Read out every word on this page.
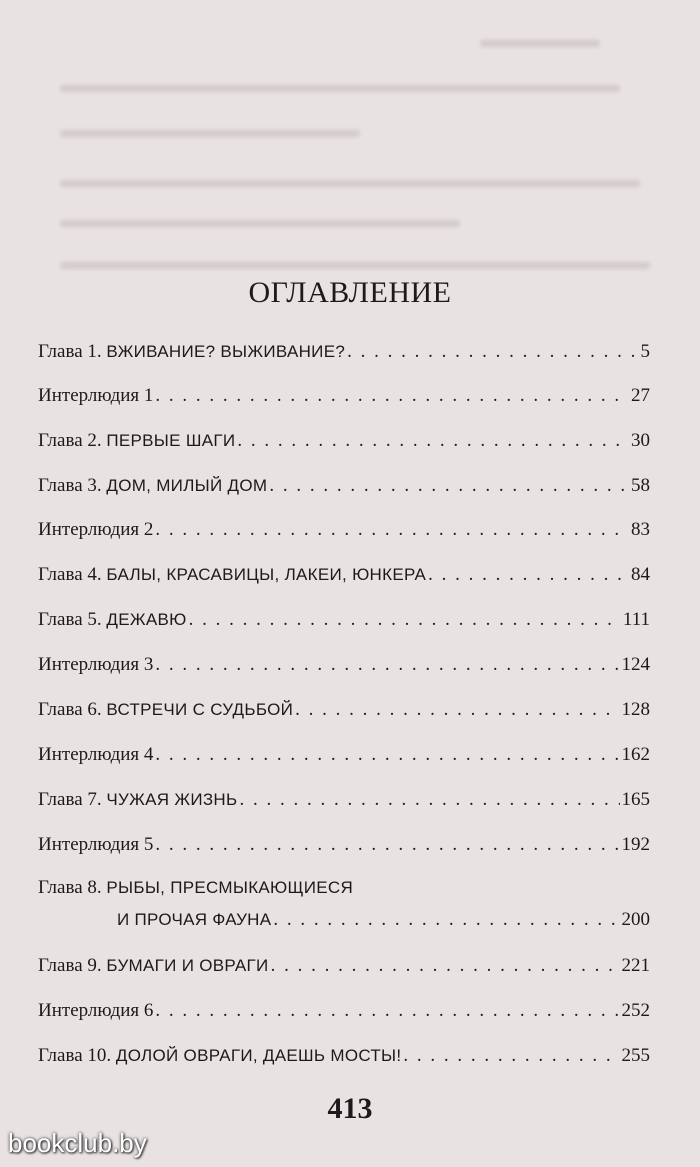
ОГЛАВЛЕНИЕ
Глава 1. ВЖИВАНИЕ? ВЫЖИВАНИЕ? . . .	5
Интерлюдия 1 . . .	27
Глава 2. ПЕРВЫЕ ШАГИ . . .	30
Глава 3. ДОМ, МИЛЫЙ ДОМ . . .	58
Интерлюдия 2 . . .	83
Глава 4. БАЛЫ, КРАСАВИЦЫ, ЛАКЕИ, ЮНКЕРА . . .	84
Глава 5. ДЕЖАВЮ . . .	111
Интерлюдия 3 . . .	124
Глава 6. ВСТРЕЧИ С СУДЬБОЙ . . .	128
Интерлюдия 4 . . .	162
Глава 7. ЧУЖАЯ ЖИЗНЬ . . .	165
Интерлюдия 5 . . .	192
Глава 8. РЫБЫ, ПРЕСМЫКАЮЩИЕСЯ
И ПРОЧАЯ ФАУНА . . .	200
Глава 9. БУМАГИ И ОВРАГИ . . .	221
Интерлюдия 6 . . .	252
Глава 10. ДОЛОЙ ОВРАГИ, ДАЕШЬ МОСТЫ! . . .	255
413
bookclub.by
